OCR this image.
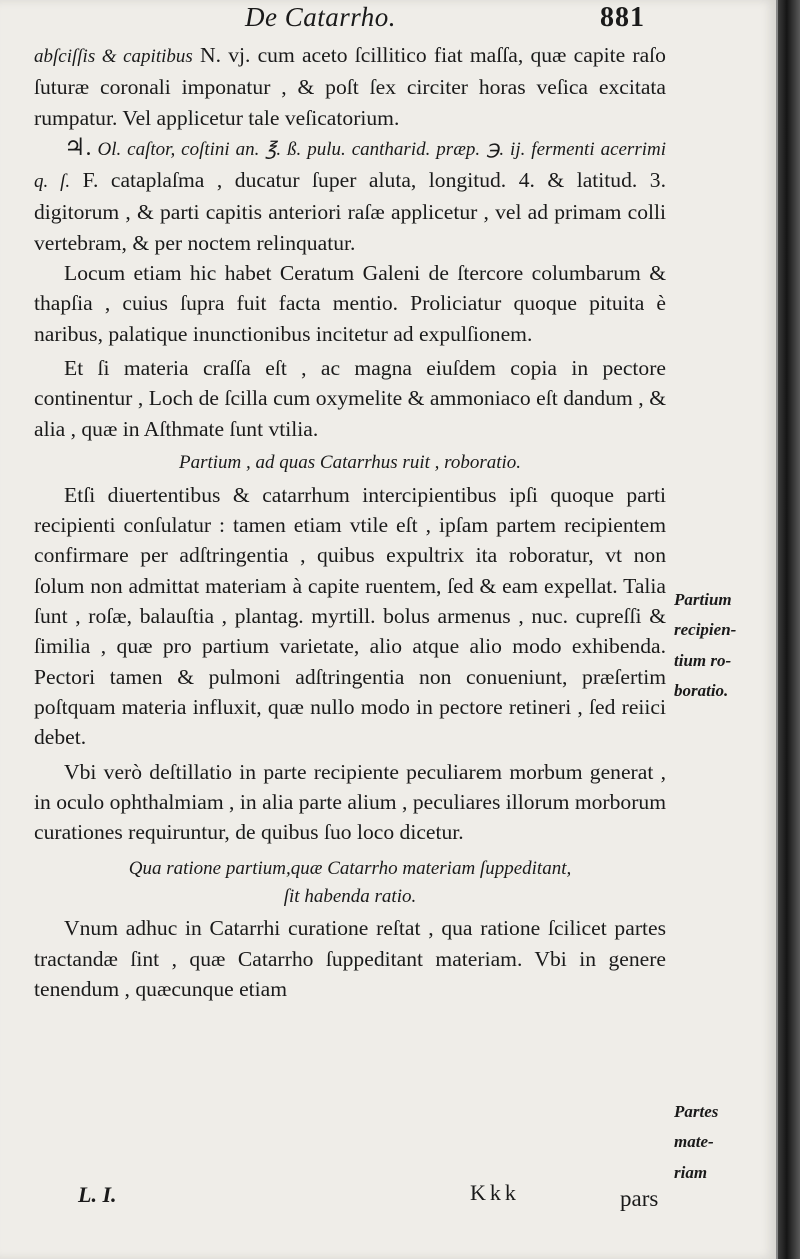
De Catarrho.	881

abſciſſis & capitibus N. vj. cum aceto ſcillitico fiat maſſa, quæ capite raſo ſuturæ coronali imponatur , & poſt ſex circiter horas veſica excitata rumpatur. Vel applicetur tale veſicatorium.

♃. Ol. caſtor, coſtini an. ℥. ß. pulu. cantharid. præp. ℈. ij. fermenti acerrimi q. ſ. F. cataplaſma , ducatur ſuper aluta, longitud. 4. & latitud. 3. digitorum , & parti capitis anteriori raſæ applicetur , vel ad primam colli vertebram, & per noctem relinquatur.

Locum etiam hic habet Ceratum Galeni de ſtercore columbarum & thapſia , cuius ſupra fuit facta mentio. Proliciatur quoque pituita è naribus, palatique inunctionibus incitetur ad expulſionem.

Et ſi materia craſſa eſt , ac magna eiuſdem copia in pectore continentur , Loch de ſcilla cum oxymelite & ammoniaco eſt dandum , & alia , quæ in Aſthmate ſunt vtilia.

Partium , ad quas Catarrhus ruit , roboratio.

Etſi diuertentibus & catarrhum intercipientibus ipſi quoque parti recipienti conſulatur : tamen etiam vtile eſt , ipſam partem recipientem confirmare per adſtringentia , quibus expultrix ita roboratur, vt non ſolum non admittat materiam à capite ruentem, ſed & eam expellat. Talia ſunt , roſæ, balauſtia , plantag. myrtill. bolus armenus , nuc. cupreſſi & ſimilia , quæ pro partium varietate, alio atque alio modo exhibenda. Pectori tamen & pulmoni adſtringentia non conueniunt, præſertim poſtquam materia influxit, quæ nullo modo in pectore retineri , ſed reiici debet.

Vbi verò deſtillatio in parte recipiente peculiarem morbum generat , in oculo ophthalmiam , in alia parte alium , peculiares illorum morborum curationes requiruntur, de quibus ſuo loco dicetur.

Qua ratione partium,quæ Catarrho materiam ſuppeditant,
ſit habenda ratio.

Vnum adhuc in Catarrhi curatione reſtat , qua ratione ſcilicet partes tractandæ ſint , quæ Catarrho ſuppeditant materiam. Vbi in genere tenendum , quæcunque etiam

Partium
recipien-
tium ro-
boratio.
Partes
mate-
riam
L. I.	Kkk	pars
